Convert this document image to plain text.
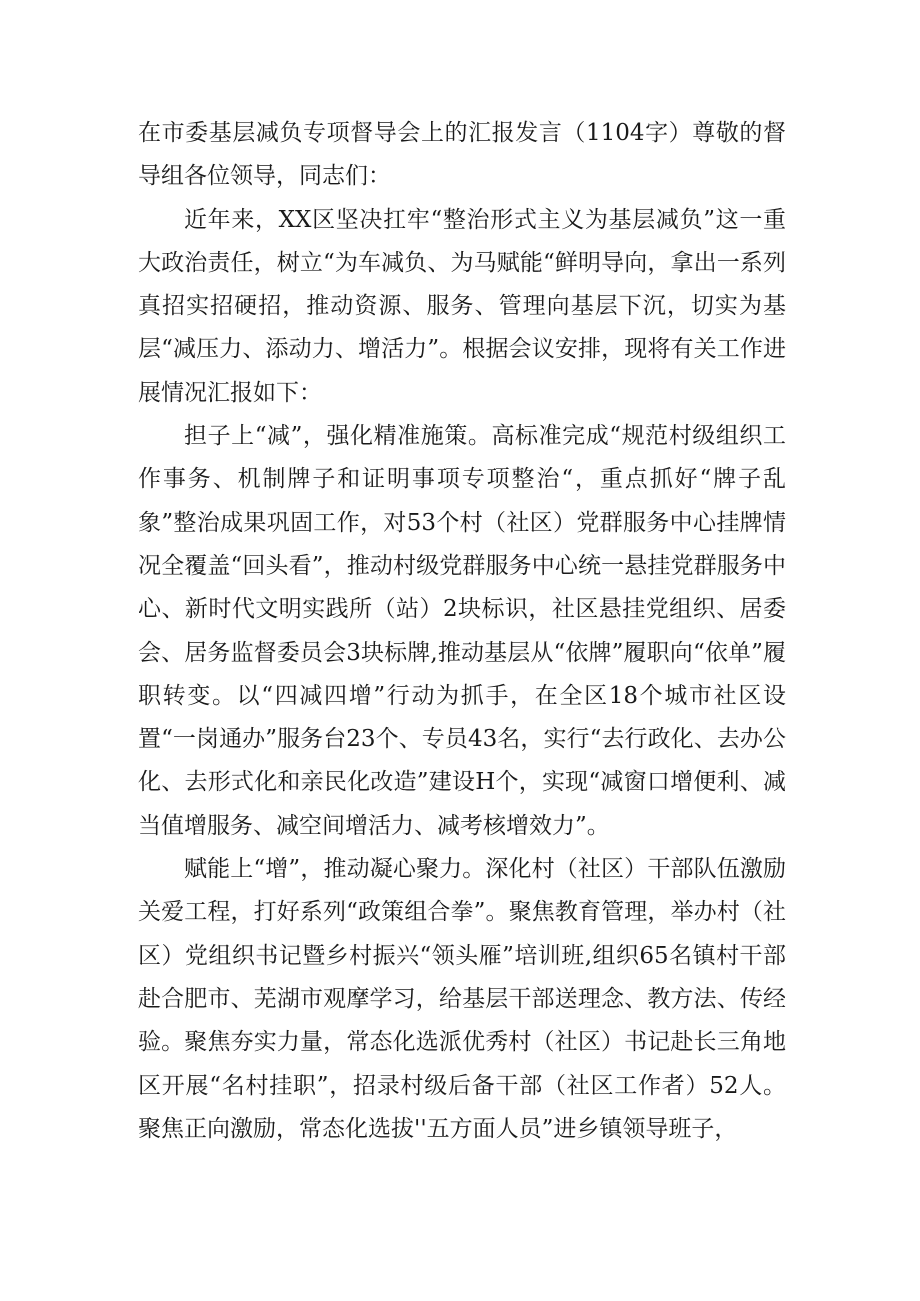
在市委基层减负专项督导会上的汇报发言（1104字）尊敬的督导组各位领导，同志们：

近年来，XX区坚决扛牢“整治形式主义为基层减负”这一重大政治责任，树立“为车减负、为马赋能“鲜明导向，拿出一系列真招实招硬招，推动资源、服务、管理向基层下沉，切实为基层“减压力、添动力、增活力”。根据会议安排，现将有关工作进展情况汇报如下：

担子上“减”，强化精准施策。高标准完成“规范村级组织工作事务、机制牌子和证明事项专项整治“，重点抓好“牌子乱象”整治成果巩固工作，对53个村（社区）党群服务中心挂牌情况全覆盖“回头看”，推动村级党群服务中心统一悬挂党群服务中心、新时代文明实践所（站）2块标识，社区悬挂党组织、居委会、居务监督委员会3块标牌,推动基层从“依牌”履职向“依单”履职转变。以“四减四增”行动为抓手，在全区18个城市社区设置“一岗通办”服务台23个、专员43名，实行“去行政化、去办公化、去形式化和亲民化改造”建设H个，实现“减窗口增便利、减当值增服务、减空间增活力、减考核增效力”。

赋能上“增”，推动凝心聚力。深化村（社区）干部队伍激励关爱工程，打好系列“政策组合拳”。聚焦教育管理，举办村（社区）党组织书记暨乡村振兴“领头雁”培训班,组织65名镇村干部赴合肥市、芜湖市观摩学习，给基层干部送理念、教方法、传经验。聚焦夯实力量，常态化选派优秀村（社区）书记赴长三角地区开展“名村挂职”，招录村级后备干部（社区工作者）52人。聚焦正向激励，常态化选拔''五方面人员”进乡镇领导班子，
